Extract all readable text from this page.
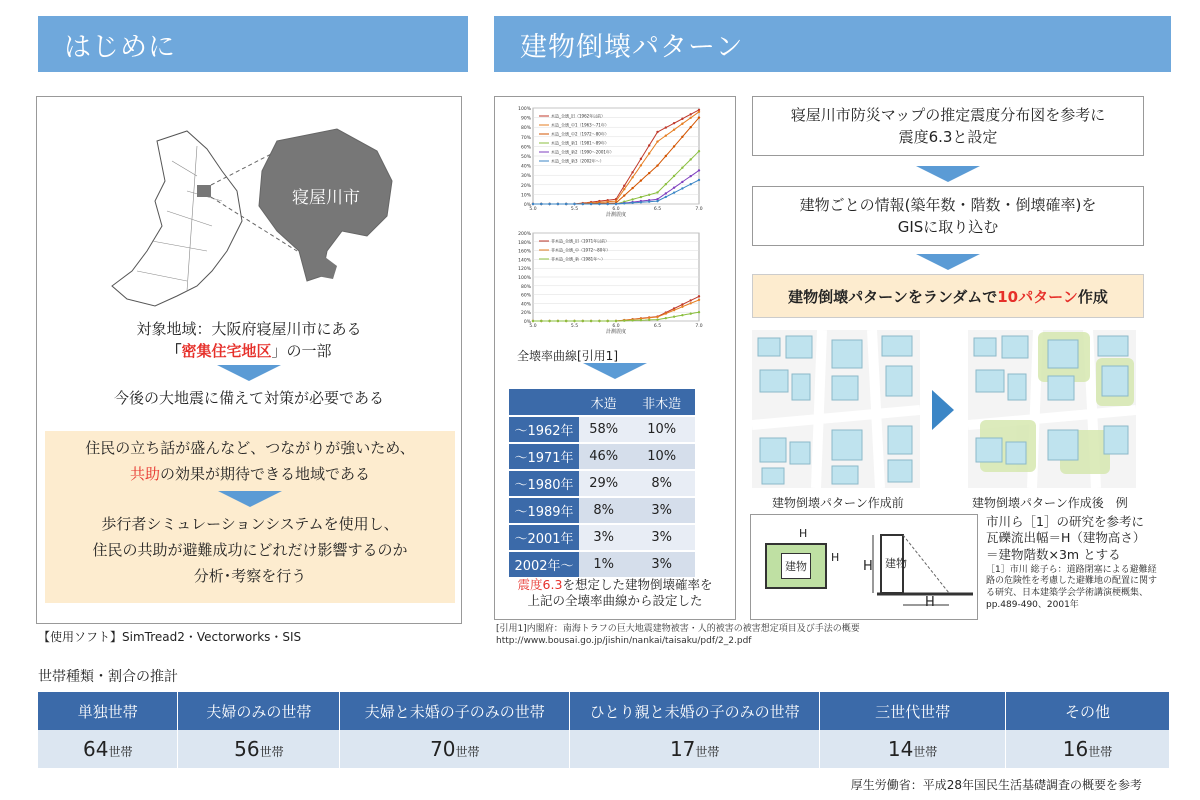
はじめに	建物倒壊パターン
寝屋川市
対象地域：大阪府寝屋川市にある
「密集住宅地区」の一部
今後の大地震に備えて対策が必要である
住民の立ち話が盛んなど、つながりが強いため、
共助の効果が期待できる地域である
歩行者シミュレーションシステムを使用し、
住民の共助が避難成功にどれだけ影響するのか
分析･考察を行う
【使用ソフト】SimTread2・Vectorworks・SIS
0%
10%
20%
30%
40%
50%
60%
70%
80%
90%
100%
5.0	5.5	6.0	6.5	7.0
計測震度
木造_全壊_旧（1962年以前）
木造_全壊_中1（1963〜71年）
木造_全壊_中2（1972〜80年）
木造_全壊_新1（1981〜89年）
木造_全壊_新2（1990〜2001年）
木造_全壊_新3（2002年〜）
0%
20%
40%
60%
80%
100%
120%
140%
160%
180%
200%
5.0	5.5	6.0	6.5	7.0
計測震度
非木造_全壊_旧（1971年以前）
非木造_全壊_中（1972〜80年）
非木造_全壊_新（1981年〜）
全壊率曲線[引用1]
	木造	非木造
～1962年	58%	10%
～1971年	46%	10%
～1980年	29%	8%
～1989年	8%	3%
～2001年	3%	3%
2002年～	1%	3%
震度6.3を想定した建物倒壊確率を
上記の全壊率曲線から設定した
[引用1]内閣府：南海トラフの巨大地震建物被害・人的被害の被害想定項目及び手法の概要
http://www.bousai.go.jp/jishin/nankai/taisaku/pdf/2_2.pdf
寝屋川市防災マップの推定震度分布図を参考に
震度6.3と設定
建物ごとの情報(築年数・階数・倒壊確率)を
GISに取り込む
建物倒壊パターンをランダムで 10パターン 作成
建物倒壊パターン作成前	建物倒壊パターン作成後　例
建物
H
H	建物
H
H
市川ら［1］の研究を参考に
瓦礫流出幅＝H（建物高さ）
＝建物階数×3m とする
［1］市川 総子ら：道路閉塞による避難経路の危険性を考慮した避難地の配置に関する研究、日本建築学会学術講演梗概集、pp.489-490、2001年
世帯種類・割合の推計
単独世帯	夫婦のみの世帯	夫婦と未婚の子のみの世帯	ひとり親と未婚の子のみの世帯	三世代世帯	その他
64世帯	56世帯	70世帯	17世帯	14世帯	16世帯
厚生労働省：平成28年国民生活基礎調査の概要を参考
